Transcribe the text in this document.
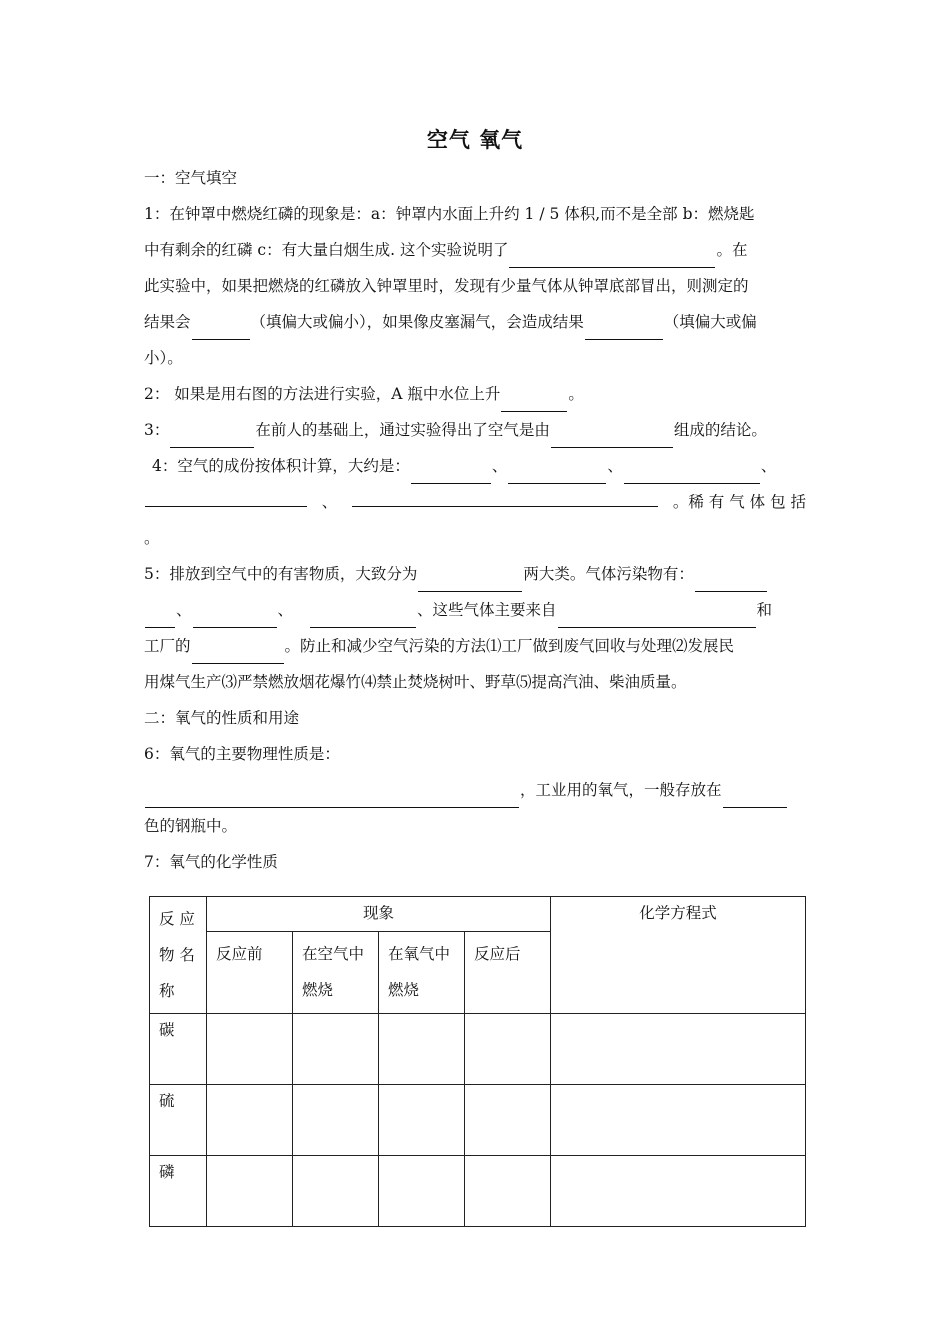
空气 氧气
一：空气填空
1：在钟罩中燃烧红磷的现象是：a：钟罩内水面上升约 1 / 5 体积,而不是全部 b：燃烧匙
中有剩余的红磷 c：有大量白烟生成. 这个实验说明了	。在
此实验中，如果把燃烧的红磷放入钟罩里时，发现有少量气体从钟罩底部冒出，则测定的
结果会	（填偏大或偏小），如果像皮塞漏气，会造成结果	（填偏大或偏
小）。
2： 如果是用右图的方法进行实验，A 瓶中水位上升	。
3：	在前人的基础上，通过实验得出了空气是由	组成的结论。
4：空气的成份按体积计算，大约是：	、	、	、
、	。稀 有 气 体 包 括
。
5：排放到空气中的有害物质，大致分为	两大类。气体污染物有：
、	、	、这些气体主要来自	和
工厂的	。防止和减少空气污染的方法⑴工厂做到废气回收与处理⑵发展民
用煤气生产⑶严禁燃放烟花爆竹⑷禁止焚烧树叶、野草⑸提高汽油、柴油质量。
二：氧气的性质和用途
6：氧气的主要物理性质是：
，工业用的氧气，一般存放在
色的钢瓶中。
7：氧气的化学性质
反 应 物 名 称	现象				化学方程式
	反应前	在空气中燃烧	在氧气中燃烧	反应后	
碳					
硫					
磷					
